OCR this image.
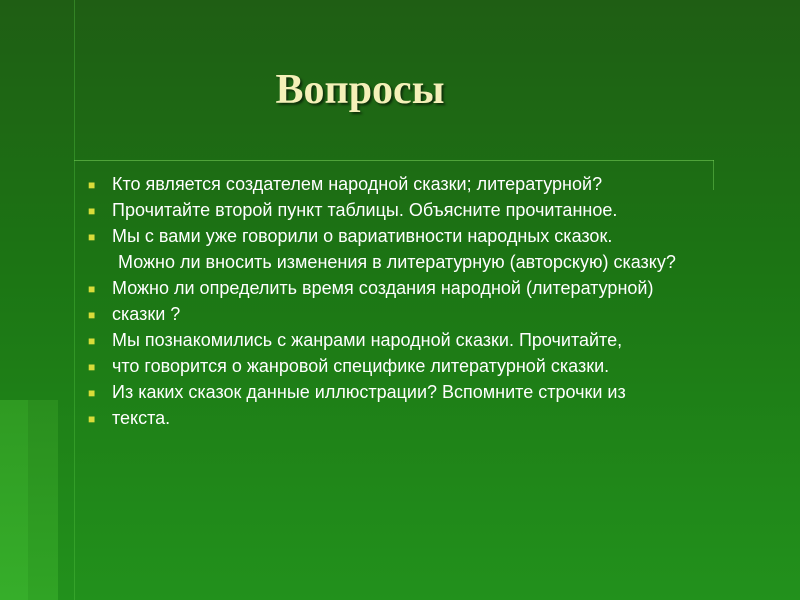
Вопросы
■ Кто является создателем народной сказки; литературной?
■ Прочитайте второй пункт таблицы. Объясните прочитанное.
■ Мы с вами уже говорили о вариативности народных сказок.
Можно ли вносить изменения в литературную (авторскую) сказку?
■ Можно ли определить время создания народной (литературной)
■ сказки ?
■ Мы познакомились с жанрами народной сказки. Прочитайте,
■ что говорится о жанровой специфике литературной сказки.
■ Из каких сказок данные иллюстрации? Вспомните строчки из
■ текста.
